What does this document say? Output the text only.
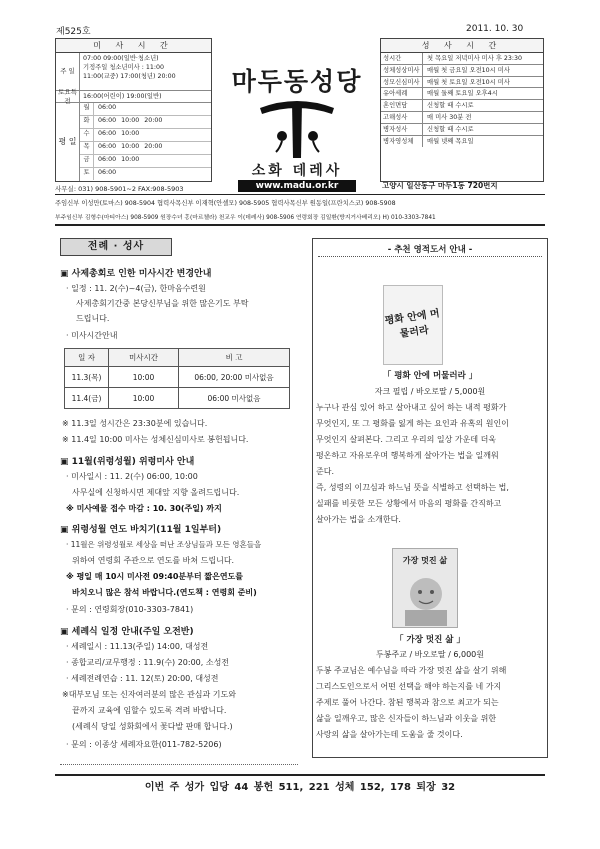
제525호	2011. 10. 30
미 사 시 간
주 일
07:00 09:00(일반·청소년)
기정주일 청소년미사 : 11:00
11:00(교중) 17:00(청년) 20:00
토요특전	16:00(어린이) 19:00(일반)
평 일
월	06:00
화	06:00 10:00 20:00
수	06:00 10:00
목	06:00 10:00 20:00
금	06:00 10:00
토	06:00
마두동성당
소화 데레사
www.madu.or.kr	고양시 일산동구 마두1동 720번지
성 사 시 간
성시간	첫 목요일 저녁미사 미사 후 23:30
성체성상미사	매월 첫 금요일 오전10시 미사
성모신심미사	매월 첫 토요일 오전10시 미사
유아세례	매월 둘째 토요일 오후4시
혼인면담	신청할 때 수시로
고해성사	매 미사 30분 전
병자성사	신청할 때 수시로
병자영성체	매월 넷째 목요일
사무실: 031) 908-5901~2 FAX:908-5903
주임신부 이성만(토마스) 908-5904 협력사목신부 이재혁(안셀모) 908-5905 협력사목신부 원동일(프란치스코) 908-5908
부주임신부 김형수(마티아스) 908-5909 원장수녀 홍(마르첼라) 천교우 이(데레사) 908-5906 연령회장 김일환(방지거사베리오) H) 010-3303-7841
전례 · 성사
▣ 사제총회로 인한 미사시간 변경안내
· 일정 : 11. 2(수)~4(금), 한마음수련원
사제총회기간중 본당신부님을 위한 많은기도 부탁
드립니다.
· 미사시간안내
일 자	미사시간	비 고
11.3(목)	10:00	06:00, 20:00 미사없음
11.4(금)	10:00	06:00 미사없음
※ 11.3일 성시간은 23:30분에 있습니다.
※ 11.4일 10:00 미사는 성체신심미사로 봉헌됩니다.
▣ 11월(위령성월) 위령미사 안내
· 미사일시 : 11. 2(수) 06:00, 10:00
사무실에 신청하시면 제대앞 지향 올려드립니다.
※ 미사예물 접수 마감 : 10. 30(주일) 까지
▣ 위령성월 연도 바치기(11월 1일부터)
· 11월은 위령성월로 세상을 떠난 조상님들과 모든 영혼들을
위하여 연령회 주관으로 연도를 바쳐 드립니다.
※ 평일 매 10시 미사전 09:40분부터 짧은연도를
바치오니 많은 참석 바랍니다.(연도책 : 연령회 준비)
· 문의 : 연령회장(010-3303-7841)
▣ 세례식 일정 안내(주일 오전반)
· 세례일시 : 11.13(주일) 14:00, 대성전
· 종합교리/교무행정 : 11.9(수) 20:00, 소성전
· 세례전례연습 : 11. 12(토) 20:00, 대성전
※대부모님 또는 신자여러분의 많은 관심과 기도와
끝까지 교육에 임할수 있도록 격려 바랍니다.
(세례식 당일 성화회에서 꽃다발 판매 합니다.)
· 문의 : 이종상 세례자요한(011-782-5206)
- 추천 영적도서 안내 -
평화 안에 머물러라
「 평화 안에 머물러라 」
자크 필립 / 바오로딸 / 5,000원
누구나 관심 있어 하고 살아내고 싶어 하는 내적 평화가
무엇인지, 또 그 평화를 잃게 하는 요인과 유혹의 원인이
무엇인지 살펴본다. 그리고 우리의 일상 가운데 더욱
평온하고 자유로우며 행복하게 살아가는 법을 일깨워
준다.
즉, 성령의 이끄심과 하느님 뜻을 식별하고 선택하는 법,
실패를 비롯한 모든 상황에서 마음의 평화를 간직하고
살아가는 법을 소개한다.
가장 멋진 삶
「 가장 멋진 삶 」
두봉주교 / 바오로딸 / 6,000원
두봉 주교님은 예수님을 따라 가장 멋진 삶을 살기 위해
그리스도인으로서 어떤 선택을 해야 하는지를 네 가지
주제로 풀어 나간다. 참된 행복과 참으로 최고가 되는
삶을 일깨우고, 많은 신자들이 하느님과 이웃을 위한
사랑의 삶을 살아가는데 도움을 줄 것이다.
이번 주 성가 입당 44 봉헌 511, 221 성체 152, 178 퇴장 32
